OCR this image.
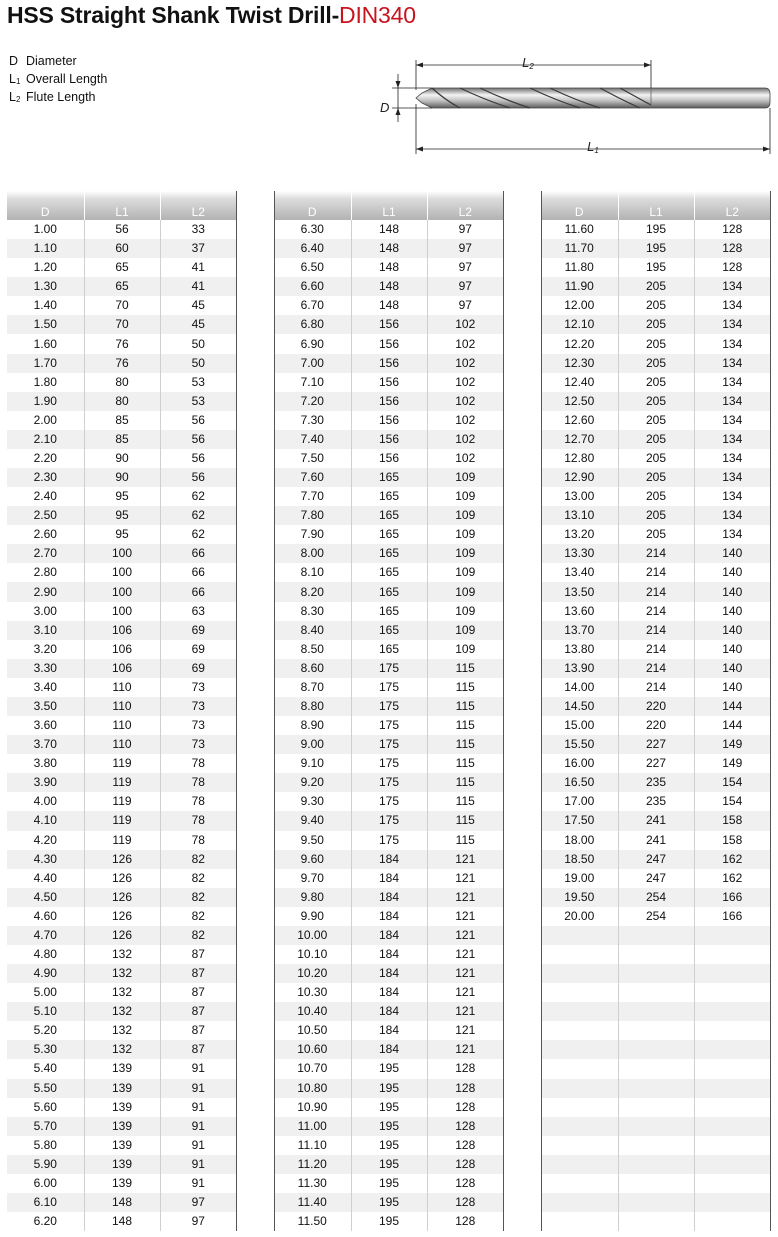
HSS Straight Shank Twist Drill-DIN340
D Diameter
$L_1$ Overall Length
$L_2$ Flute Length
L2
D
L1
D	L1	L2
1.00	56	33
1.10	60	37
1.20	65	41
1.30	65	41
1.40	70	45
1.50	70	45
1.60	76	50
1.70	76	50
1.80	80	53
1.90	80	53
2.00	85	56
2.10	85	56
2.20	90	56
2.30	90	56
2.40	95	62
2.50	95	62
2.60	95	62
2.70	100	66
2.80	100	66
2.90	100	66
3.00	100	63
3.10	106	69
3.20	106	69
3.30	106	69
3.40	110	73
3.50	110	73
3.60	110	73
3.70	110	73
3.80	119	78
3.90	119	78
4.00	119	78
4.10	119	78
4.20	119	78
4.30	126	82
4.40	126	82
4.50	126	82
4.60	126	82
4.70	126	82
4.80	132	87
4.90	132	87
5.00	132	87
5.10	132	87
5.20	132	87
5.30	132	87
5.40	139	91
5.50	139	91
5.60	139	91
5.70	139	91
5.80	139	91
5.90	139	91
6.00	139	91
6.10	148	97
6.20	148	97
D	L1	L2
6.30	148	97
6.40	148	97
6.50	148	97
6.60	148	97
6.70	148	97
6.80	156	102
6.90	156	102
7.00	156	102
7.10	156	102
7.20	156	102
7.30	156	102
7.40	156	102
7.50	156	102
7.60	165	109
7.70	165	109
7.80	165	109
7.90	165	109
8.00	165	109
8.10	165	109
8.20	165	109
8.30	165	109
8.40	165	109
8.50	165	109
8.60	175	115
8.70	175	115
8.80	175	115
8.90	175	115
9.00	175	115
9.10	175	115
9.20	175	115
9.30	175	115
9.40	175	115
9.50	175	115
9.60	184	121
9.70	184	121
9.80	184	121
9.90	184	121
10.00	184	121
10.10	184	121
10.20	184	121
10.30	184	121
10.40	184	121
10.50	184	121
10.60	184	121
10.70	195	128
10.80	195	128
10.90	195	128
11.00	195	128
11.10	195	128
11.20	195	128
11.30	195	128
11.40	195	128
11.50	195	128
D	L1	L2
11.60	195	128
11.70	195	128
11.80	195	128
11.90	205	134
12.00	205	134
12.10	205	134
12.20	205	134
12.30	205	134
12.40	205	134
12.50	205	134
12.60	205	134
12.70	205	134
12.80	205	134
12.90	205	134
13.00	205	134
13.10	205	134
13.20	205	134
13.30	214	140
13.40	214	140
13.50	214	140
13.60	214	140
13.70	214	140
13.80	214	140
13.90	214	140
14.00	214	140
14.50	220	144
15.00	220	144
15.50	227	149
16.00	227	149
16.50	235	154
17.00	235	154
17.50	241	158
18.00	241	158
18.50	247	162
19.00	247	162
19.50	254	166
20.00	254	166
